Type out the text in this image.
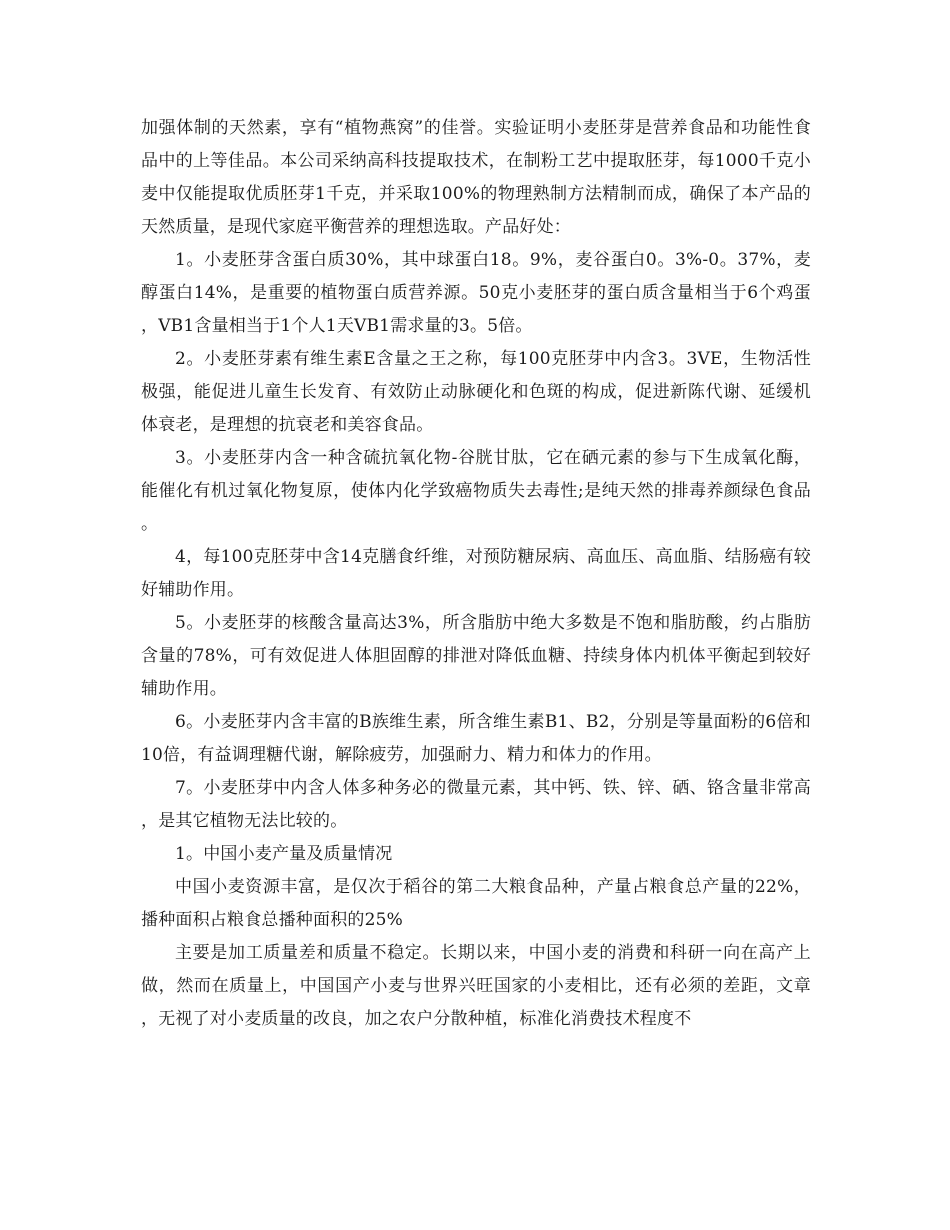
加强体制的天然素，享有“植物燕窝”的佳誉。实验证明小麦胚芽是营养食品和功能性食品中的上等佳品。本公司采纳高科技提取技术，在制粉工艺中提取胚芽，每1000千克小麦中仅能提取优质胚芽1千克，并采取100%的物理熟制方法精制而成，确保了本产品的天然质量，是现代家庭平衡营养的理想选取。产品好处：

1。小麦胚芽含蛋白质30%，其中球蛋白18。9%，麦谷蛋白0。3%-0。37%，麦醇蛋白14%，是重要的植物蛋白质营养源。50克小麦胚芽的蛋白质含量相当于6个鸡蛋，VB1含量相当于1个人1天VB1需求量的3。5倍。

2。小麦胚芽素有维生素E含量之王之称，每100克胚芽中内含3。3VE，生物活性极强，能促进儿童生长发育、有效防止动脉硬化和色斑的构成，促进新陈代谢、延缓机体衰老，是理想的抗衰老和美容食品。

3。小麦胚芽内含一种含硫抗氧化物-谷胱甘肽，它在硒元素的参与下生成氧化酶，能催化有机过氧化物复原，使体内化学致癌物质失去毒性;是纯天然的排毒养颜绿色食品。

4，每100克胚芽中含14克膳食纤维，对预防糖尿病、高血压、高血脂、结肠癌有较好辅助作用。

5。小麦胚芽的核酸含量高达3%，所含脂肪中绝大多数是不饱和脂肪酸，约占脂肪含量的78%，可有效促进人体胆固醇的排泄对降低血糖、持续身体内机体平衡起到较好辅助作用。

6。小麦胚芽内含丰富的B族维生素，所含维生素B1、B2，分别是等量面粉的6倍和10倍，有益调理糖代谢，解除疲劳，加强耐力、精力和体力的作用。

7。小麦胚芽中内含人体多种务必的微量元素，其中钙、铁、锌、硒、铬含量非常高，是其它植物无法比较的。

1。中国小麦产量及质量情况

中国小麦资源丰富，是仅次于稻谷的第二大粮食品种，产量占粮食总产量的22%，播种面积占粮食总播种面积的25%

主要是加工质量差和质量不稳定。长期以来，中国小麦的消费和科研一向在高产上做，然而在质量上，中国国产小麦与世界兴旺国家的小麦相比，还有必须的差距，文章，无视了对小麦质量的改良，加之农户分散种植，标准化消费技术程度不
